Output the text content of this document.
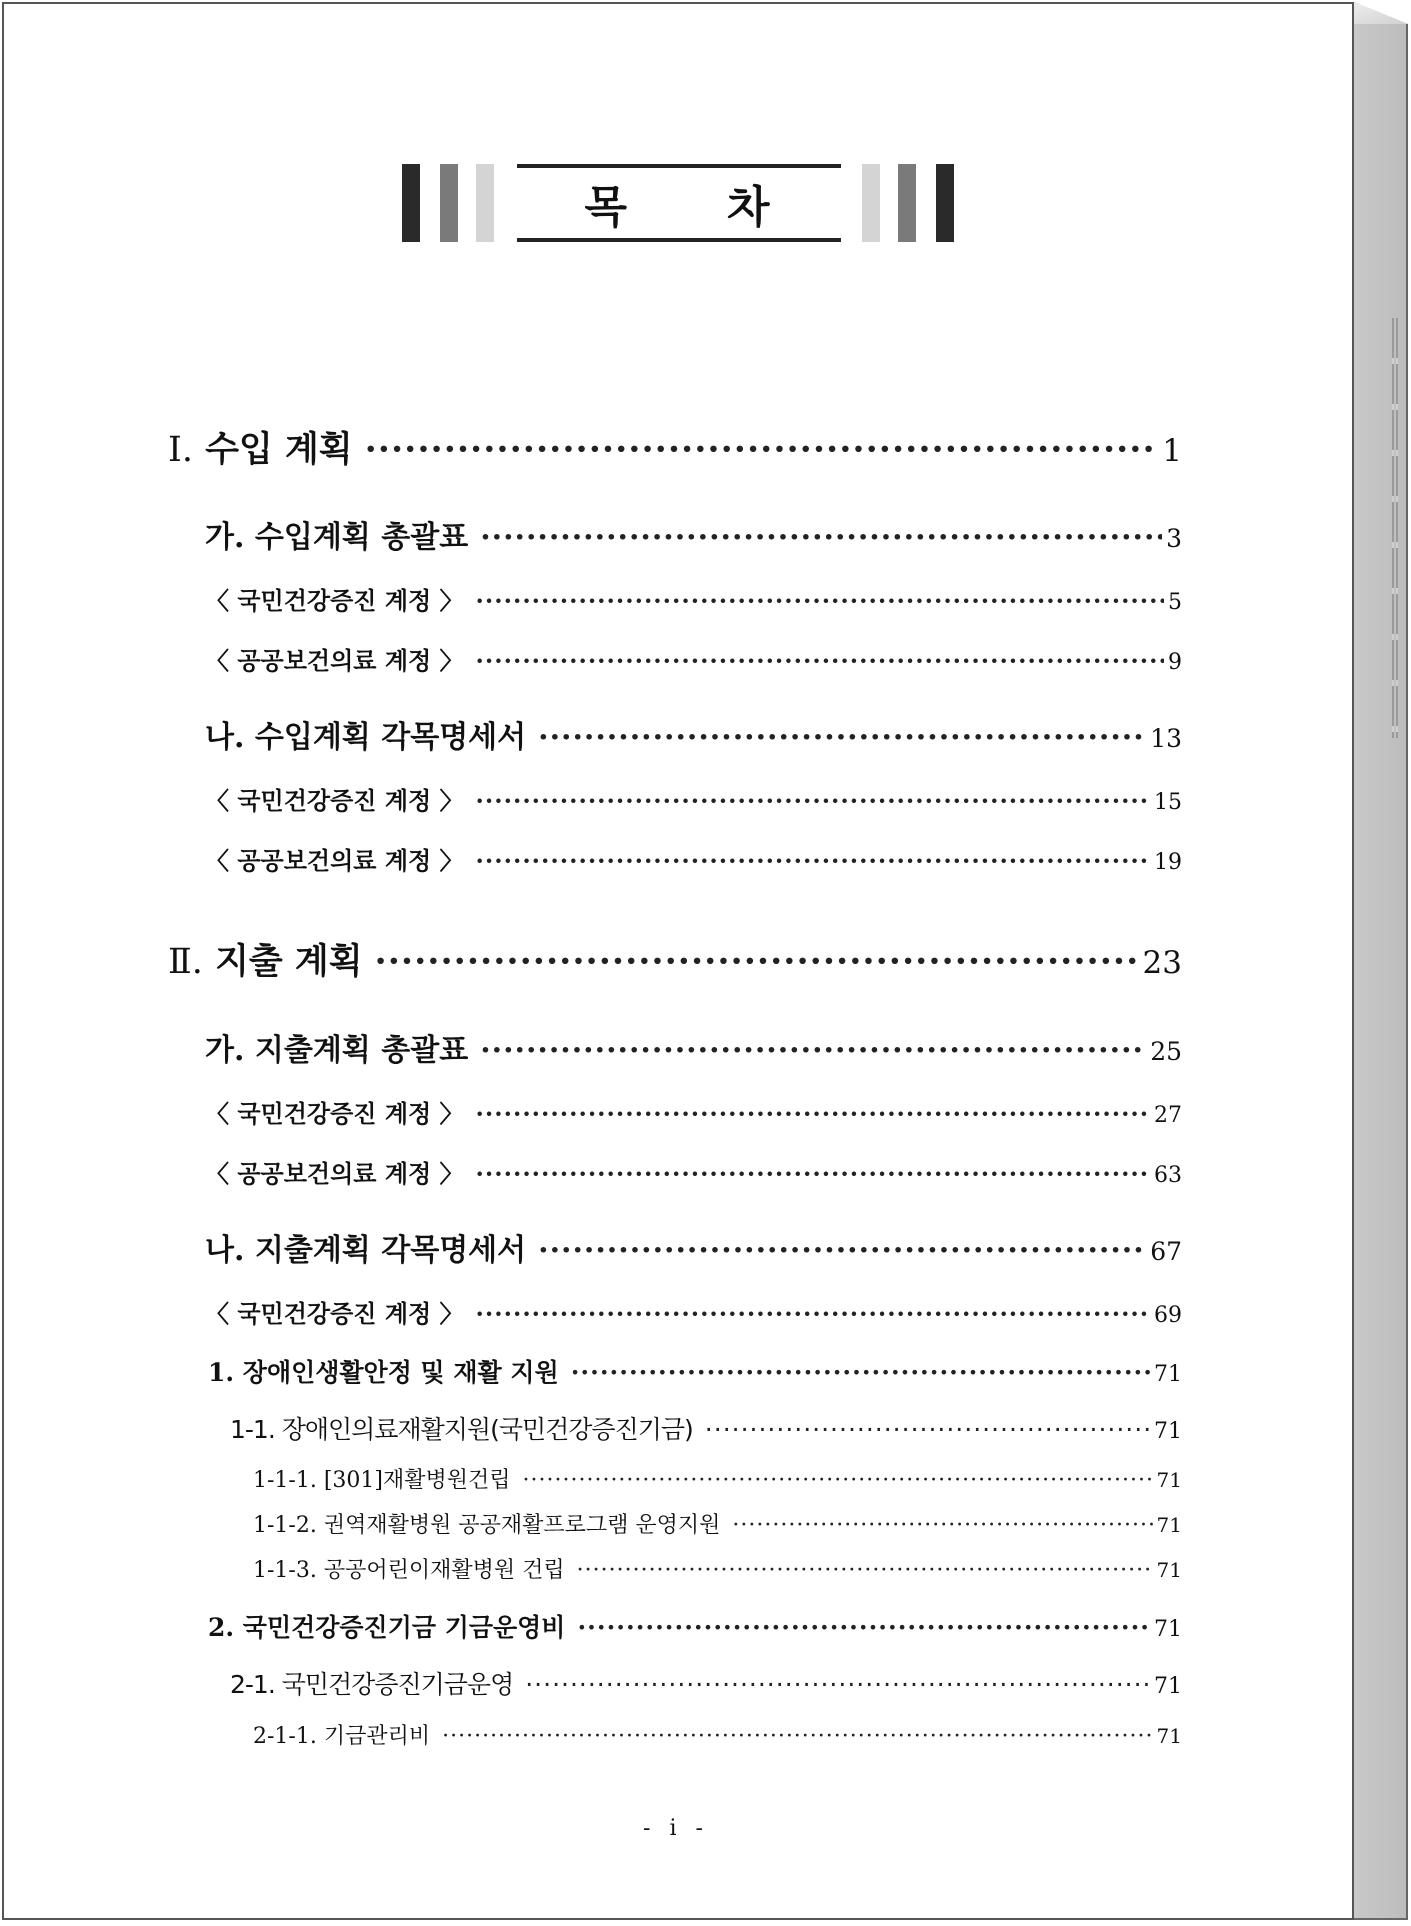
목 차
Ⅰ. 수입 계획 ·····	1
가. 수입계획 총괄표 ·····	3
〈 국민건강증진 계정 〉 ·····	5
〈 공공보건의료 계정 〉 ·····	9
나. 수입계획 각목명세서 ·····	13
〈 국민건강증진 계정 〉 ·····	15
〈 공공보건의료 계정 〉 ·····	19
Ⅱ. 지출 계획 ·····	23
가. 지출계획 총괄표 ·····	25
〈 국민건강증진 계정 〉 ·····	27
〈 공공보건의료 계정 〉 ·····	63
나. 지출계획 각목명세서 ·····	67
〈 국민건강증진 계정 〉 ·····	69
1. 장애인생활안정 및 재활 지원 ·····	71
1-1. 장애인의료재활지원(국민건강증진기금) ·····	71
1-1-1. [301]재활병원건립 ·····	71
1-1-2. 권역재활병원 공공재활프로그램 운영지원 ·····	71
1-1-3. 공공어린이재활병원 건립 ·····	71
2. 국민건강증진기금 기금운영비 ·····	71
2-1. 국민건강증진기금운영 ·····	71
2-1-1. 기금관리비 ·····	71
- i -
